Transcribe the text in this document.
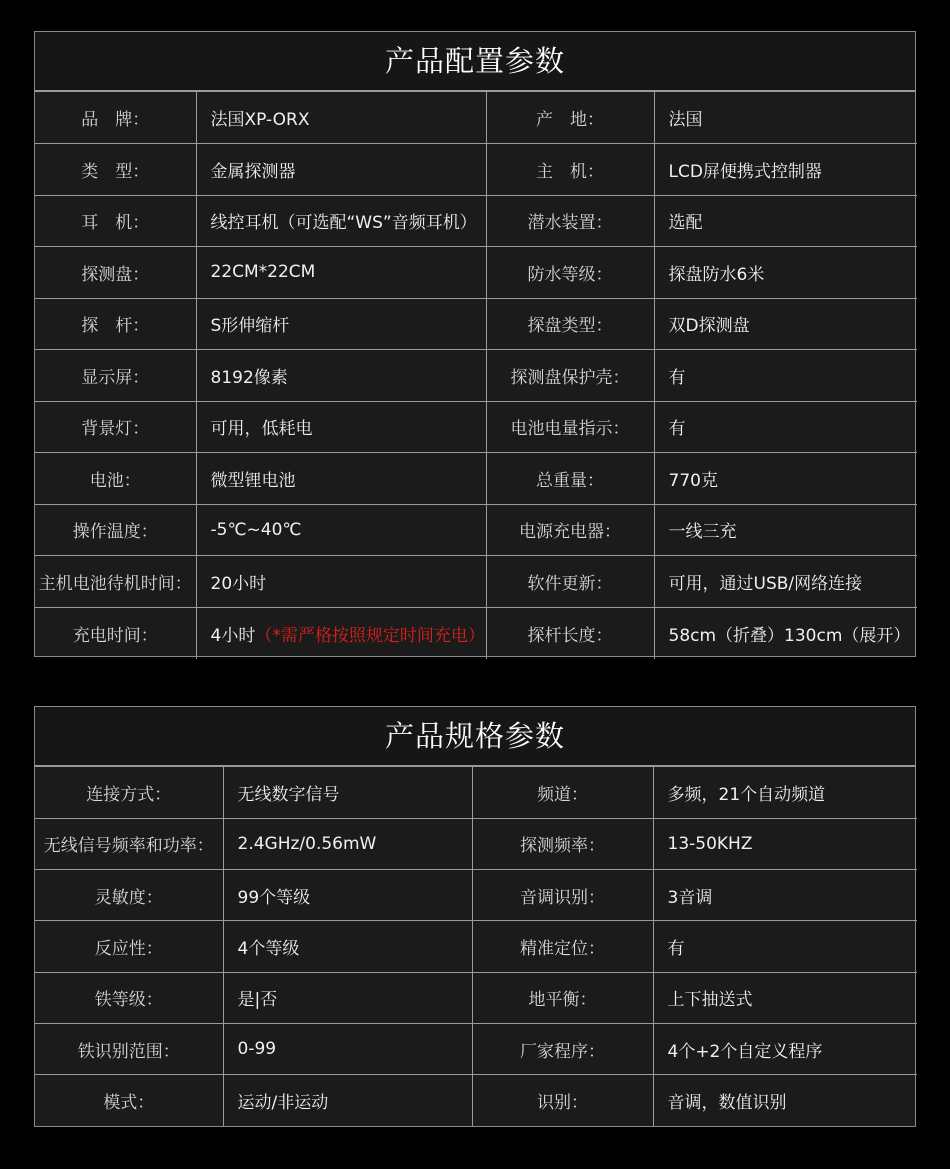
产品配置参数
品　牌：	法国XP-ORX	产　地：	法国
类　型：	金属探测器	主　机：	LCD屏便携式控制器
耳　机：	线控耳机（可选配“WS”音频耳机）	潜水装置：	选配
探测盘：	22CM*22CM	防水等级：	探盘防水6米
探　杆：	S形伸缩杆	探盘类型：	双D探测盘
显示屏：	8192像素	探测盘保护壳：	有
背景灯：	可用，低耗电	电池电量指示：	有
电池：	微型锂电池	总重量：	770克
操作温度：	-5℃~40℃	电源充电器：	一线三充
主机电池待机时间：	20小时	软件更新：	可用，通过USB/网络连接
充电时间：	4小时（*需严格按照规定时间充电）	探杆长度：	58cm（折叠）130cm（展开）
产品规格参数
连接方式：	无线数字信号	频道：	多频，21个自动频道
无线信号频率和功率：	2.4GHz/0.56mW	探测频率：	13-50KHZ
灵敏度：	99个等级	音调识别：	3音调
反应性：	4个等级	精准定位：	有
铁等级：	是|否	地平衡：	上下抽送式
铁识别范围：	0-99	厂家程序：	4个+2个自定义程序
模式：	运动/非运动	识别：	音调，数值识别
